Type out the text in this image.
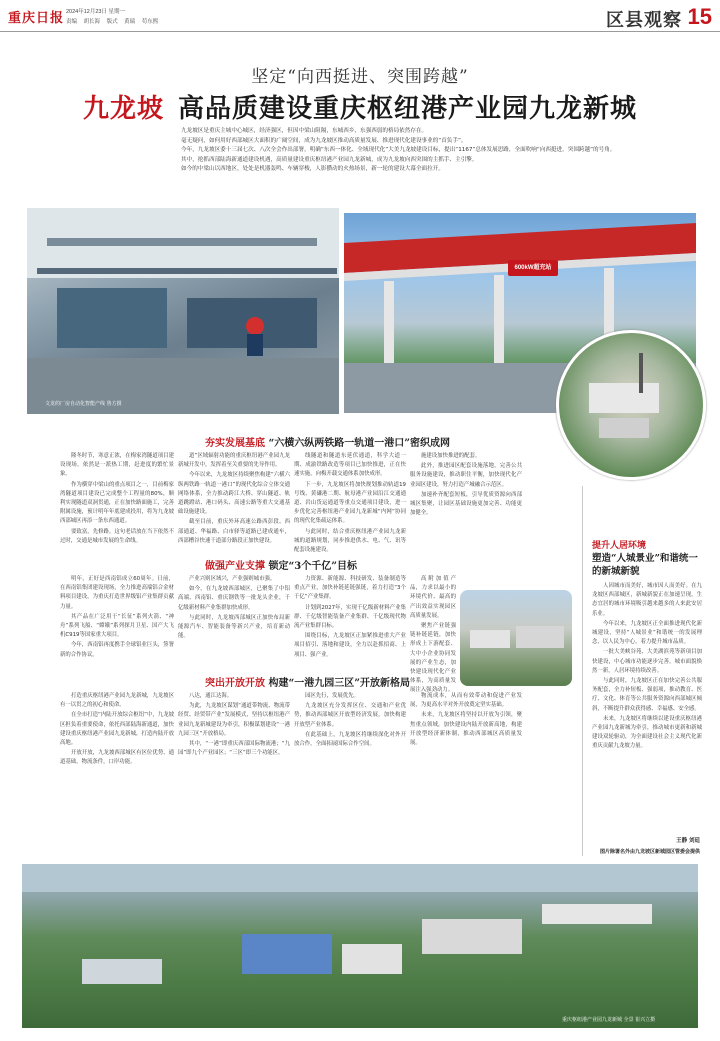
重庆日报 2024年12月23日 星期一
责编 胡长海 版式 黄瑞 苟东熙	区县观察 15
坚定“向西挺进、突围跨越”
九龙坡 高品质建设重庆枢纽港产业园九龙新城

九龙坡区是重庆主城中心城区，经济强区，但因中梁山阻隔，东城西乡，东强西弱的格局依然存在。

毫无疑问，如何用好西部城区大面积的广阔空间，成为九龙坡区推动高质量发展、推进现代化建设事业的“首负手”。

今年，九龙坡区委十三届七次、八次全会作出部署，明确“东西一体化、全域现代化”大美九龙坡建设目标，提出“1167”总体发展思路，全面吹响“向西挺进，突围跨越”的号角。

其中，抢抓西部陆海新通道建设机遇，高质量建设重庆枢纽港产业园九龙新城，成为九龙坡向西突围的主抓手、主引擎。

如今的中梁山以西地区，处处是机器轰鸣、车辆穿梭，人影攒动的火热场景，新一轮的建设大幕全面拉开。

文龙的厂房自动化智能产线 鲁方摄
600kW超充站
夯实发展基底 “六横六纵两铁路一轨道一港口”密织成网
做强产业支撑 锁定“3个千亿”目标
突出开放开放 构建“一港九园三区”开放新格局

隆冬时节，寒意正浓，在梅家湾隧道项目建设现场，依然是一派热工期，赶进度的繁忙景象。

作为横穿中梁山的重点项目之一，目前梅家湾隧道项目建设已完成整个工程量的80%，顺利实现隧道双洞贯通，正在加快路面施工，完善附属设施，预计明年年底建成投用，将为九龙坡西部城区再添一条东西通道。

要致富，先修路。这句老话放在当下依然不过时，交通是城市发展的生命线。

道”区域辐射功能的重庆枢纽港产业园九龙新城开发中，发挥着至关重要的先导作用。

今年以来，九龙坡区持续聚焦构建“六横六纵两铁路一轨道一港口”的现代化综合立体交通网络体系，全力推动跨江大桥、穿山隧道、轨道跳蹬站、港口码头、高速公路等重大交通基础设施建设。

截至目前，重庆外环高速公路西彭段、西部通道、华福路、白市驿等道路已建成通车，西部槽谷快速干道部分路段正加快建设。

线隧道和隧道东延伏通道，科学大道一期、成渝铁路改造等项目已加快推进，正在快速实施，向梅开载交通体系加快成形。

下一步，九龙坡区将加快规划推动轨道19号线、黄磏港二期、航母港产业园沿江交通通道、岩山货运通道等重点交通项目建设，进一步优化完善枢纽港产业园九龙新城“内网”协同的现代化集疏运体系。

与此同时，结合重庆枢纽港产业园九龙新城的道路规划，同步推进供水、电、气、讯等配套设施建设。

施建设加快推进的配套。

此外，推进园区配套设施落地，完善公共服务设施建设，推动职住平衡，加快现代化产业园区建设，努力打造产城融合示范区。

加速补齐配套短板，引导优质资源向西部城区集聚，让园区基础设施更加完善、功能更加健全。

明年，正好是西南铝成立60周年。日前，在西南铝集团建设现场，全力推进高端铝合金材料项目建设，为重庆打造世界级铝产业集群贡献力量。

其产品在广泛用于“长征”系列火箭、“神舟”系列飞船、“嫦娥”系列探月卫星、国产大飞机C919等国家重大项目。

今年，西南铝再度携手全球铝业巨头，签署新的合作协议。

产业兴则区域兴，产业强则城市强。

如今，在九龙坡西部城区，已聚集了中铝高端、西南铝、重庆钢铁等一批龙头企业，千亿级新材料产业集群加快成形。

与此同时，九龙坡西部城区正加快布局新能源汽车、智能装备等新兴产业，培育新动能。

力资源、新能源、科技研发、装备制造等重点产业，加快补链延链强链，着力打造“3个千亿”产业集群。

计划到2027年，实现千亿级新材料产业集群、千亿级智能装备产业集群、千亿级现代物流产业集群目标。

围绕目标，九龙坡区正加紧推进重大产业项目招引、落地和建设，全力以赴抓招商、上项目、强产业。

高附加值产品，力求以最小的环境代价、最高的产出效益实现园区高质量发展。

聚焦产业链强链补链延链，加快形成上下游配套、大中小企业协同发展的产业生态，加快建设现代化产业体系，为高质量发展注入强劲动力。

打造重庆枢纽港产业园九龙新城，九龙坡区有一以贯之的初心和使命。

在全市打造“内陆开放综合枢纽”中，九龙坡区担负着重要使命，依托西部陆海新通道，加快建设重庆枢纽港产业园九龙新城，打造内陆开放高地。

开放开放，九龙坡西部城区有区位优势、通道基础，物流条件，口岸功能。

八达，通江达海。

为此，九龙坡区谋划“通道带物流、物流带经贸、经贸带产业”发展模式，坚持以枢纽港产业园九龙新城建设为牵引，积极谋划建设“一港九园三区”开放格局。

其中，“一港”即重庆西部国际物流港；“九园”即九个产业园区；“三区”即三个功能区。

园区先行，发展优先。

九龙坡区充分发挥区位、交通和产业优势，推动西部城区开放型经济发展，加快构建开放型产业体系。

在此基础上，九龙坡区将继续深化对外开放合作，全面拓展国际合作空间。

物流成本，从而有效带动和促进产业发展，为更高水平对外开放奠定坚实基础。

未来，九龙坡区将坚持以开放为引领，聚焦重点领域，加快建设内陆开放新高地，构建开放型经济新体制，推动西部城区高质量发展。

提升人居环境
塑造“人城景业”和谐统一的新城新貌

人因城市而美好，城市因人而美好。在九龙坡区西部城区，新城新貌正在加速呈现，生态宜居的城市环境吸引越来越多的人来此安居乐业。

今年以来，九龙坡区正全面推进现代化新城建设，坚持“人城景业”和谐统一的发展理念，以人民为中心，着力提升城市品质。

一批大美峡谷苑、大美湖滨苑等新项目加快建设，中心城市功能逐步完善，城市面貌焕然一新，人居环境持续改善。

与此同时，九龙坡区正在加快完善公共服务配套，全力补短板、强弱项，推动教育、医疗、文化、体育等公共服务资源向西部城区倾斜，不断提升群众获得感、幸福感、安全感。

未来，九龙坡区将继续以建设重庆枢纽港产业园九龙新城为牵引，推动城市更新和新城建设双轮驱动，为全面建设社会主义现代化新重庆贡献九龙坡力量。

王静 刘廷
图片除署名外由九龙坡区新城园区管委会提供
重庆枢纽港产业园九龙新城 全景 崔兴立摄
